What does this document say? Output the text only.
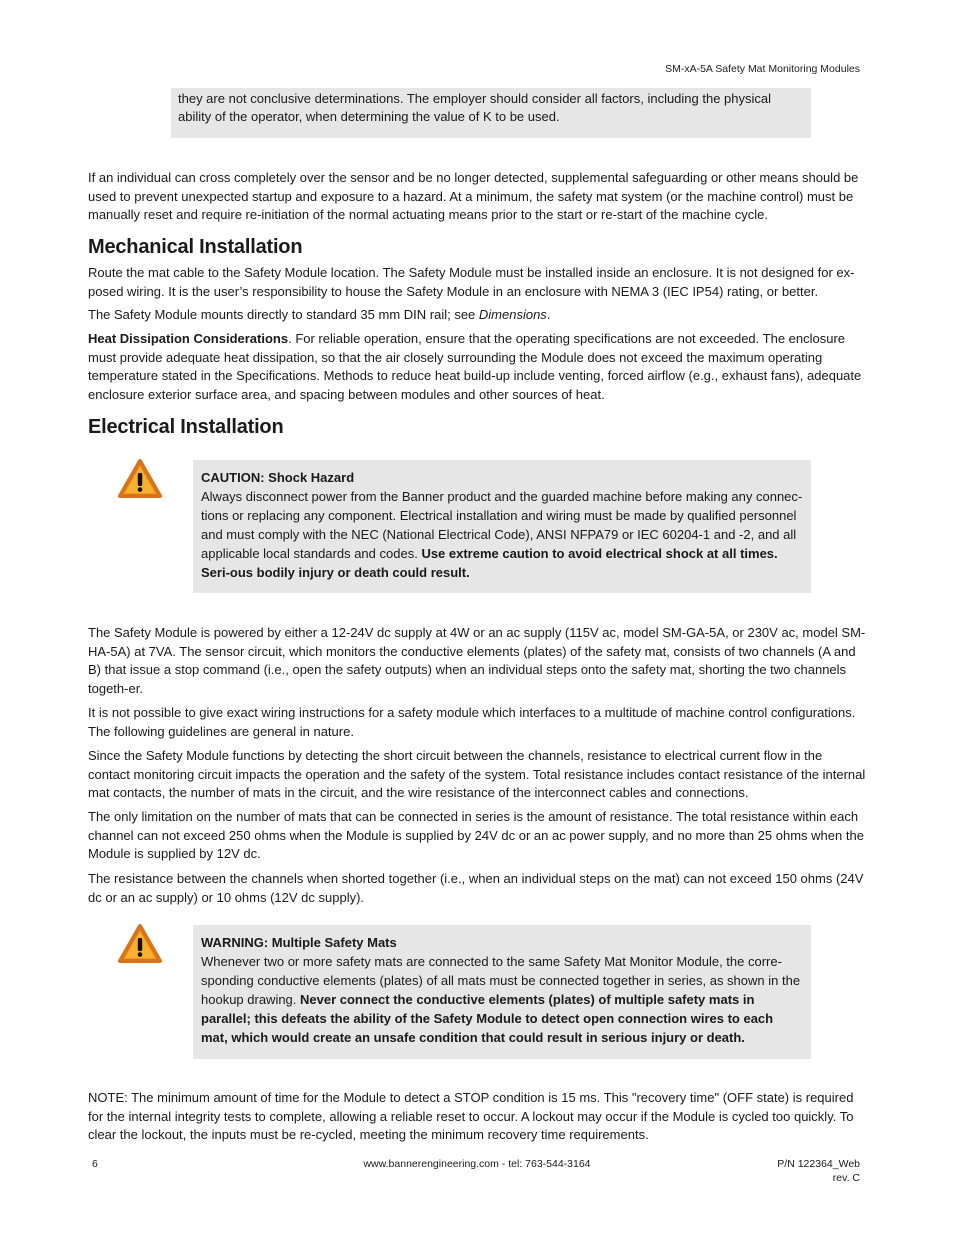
SM-xA-5A Safety Mat Monitoring Modules
they are not conclusive determinations. The employer should consider all factors, including the physical ability of the operator, when determining the value of K to be used.

If an individual can cross completely over the sensor and be no longer detected, supplemental safeguarding or other means should be used to prevent unexpected startup and exposure to a hazard. At a minimum, the safety mat system (or the machine control) must be manually reset and require re-initiation of the normal actuating means prior to the start or re-start of the machine cycle.

Mechanical Installation

Route the mat cable to the Safety Module location. The Safety Module must be installed inside an enclosure. It is not designed for ex-posed wiring. It is the user’s responsibility to house the Safety Module in an enclosure with NEMA 3 (IEC IP54) rating, or better.

The Safety Module mounts directly to standard 35 mm DIN rail; see Dimensions.

Heat Dissipation Considerations. For reliable operation, ensure that the operating specifications are not exceeded. The enclosure must provide adequate heat dissipation, so that the air closely surrounding the Module does not exceed the maximum operating temperature stated in the Specifications. Methods to reduce heat build-up include venting, forced airflow (e.g., exhaust fans), adequate enclosure exterior surface area, and spacing between modules and other sources of heat.

Electrical Installation
CAUTION: Shock Hazard
Always disconnect power from the Banner product and the guarded machine before making any connec-tions or replacing any component. Electrical installation and wiring must be made by qualified personnel and must comply with the NEC (National Electrical Code), ANSI NFPA79 or IEC 60204-1 and -2, and all applicable local standards and codes. Use extreme caution to avoid electrical shock at all times. Seri-ous bodily injury or death could result.

The Safety Module is powered by either a 12-24V dc supply at 4W or an ac supply (115V ac, model SM-GA-5A, or 230V ac, model SM-HA-5A) at 7VA. The sensor circuit, which monitors the conductive elements (plates) of the safety mat, consists of two channels (A and B) that issue a stop command (i.e., open the safety outputs) when an individual steps onto the safety mat, shorting the two channels togeth-er.

It is not possible to give exact wiring instructions for a safety module which interfaces to a multitude of machine control configurations. The following guidelines are general in nature.

Since the Safety Module functions by detecting the short circuit between the channels, resistance to electrical current flow in the contact monitoring circuit impacts the operation and the safety of the system. Total resistance includes contact resistance of the internal mat contacts, the number of mats in the circuit, and the wire resistance of the interconnect cables and connections.

The only limitation on the number of mats that can be connected in series is the amount of resistance. The total resistance within each channel can not exceed 250 ohms when the Module is supplied by 24V dc or an ac power supply, and no more than 25 ohms when the Module is supplied by 12V dc.

The resistance between the channels when shorted together (i.e., when an individual steps on the mat) can not exceed 150 ohms (24V dc or an ac supply) or 10 ohms (12V dc supply).

WARNING: Multiple Safety Mats
Whenever two or more safety mats are connected to the same Safety Mat Monitor Module, the corre-sponding conductive elements (plates) of all mats must be connected together in series, as shown in the hookup drawing. Never connect the conductive elements (plates) of multiple safety mats in parallel; this defeats the ability of the Safety Module to detect open connection wires to each mat, which would create an unsafe condition that could result in serious injury or death.

NOTE: The minimum amount of time for the Module to detect a STOP condition is 15 ms. This "recovery time" (OFF state) is required for the internal integrity tests to complete, allowing a reliable reset to occur. A lockout may occur if the Module is cycled too quickly. To clear the lockout, the inputs must be re-cycled, meeting the minimum recovery time requirements.

6	www.bannerengineering.com - tel: 763-544-3164	P/N 122364_Web
rev. C
